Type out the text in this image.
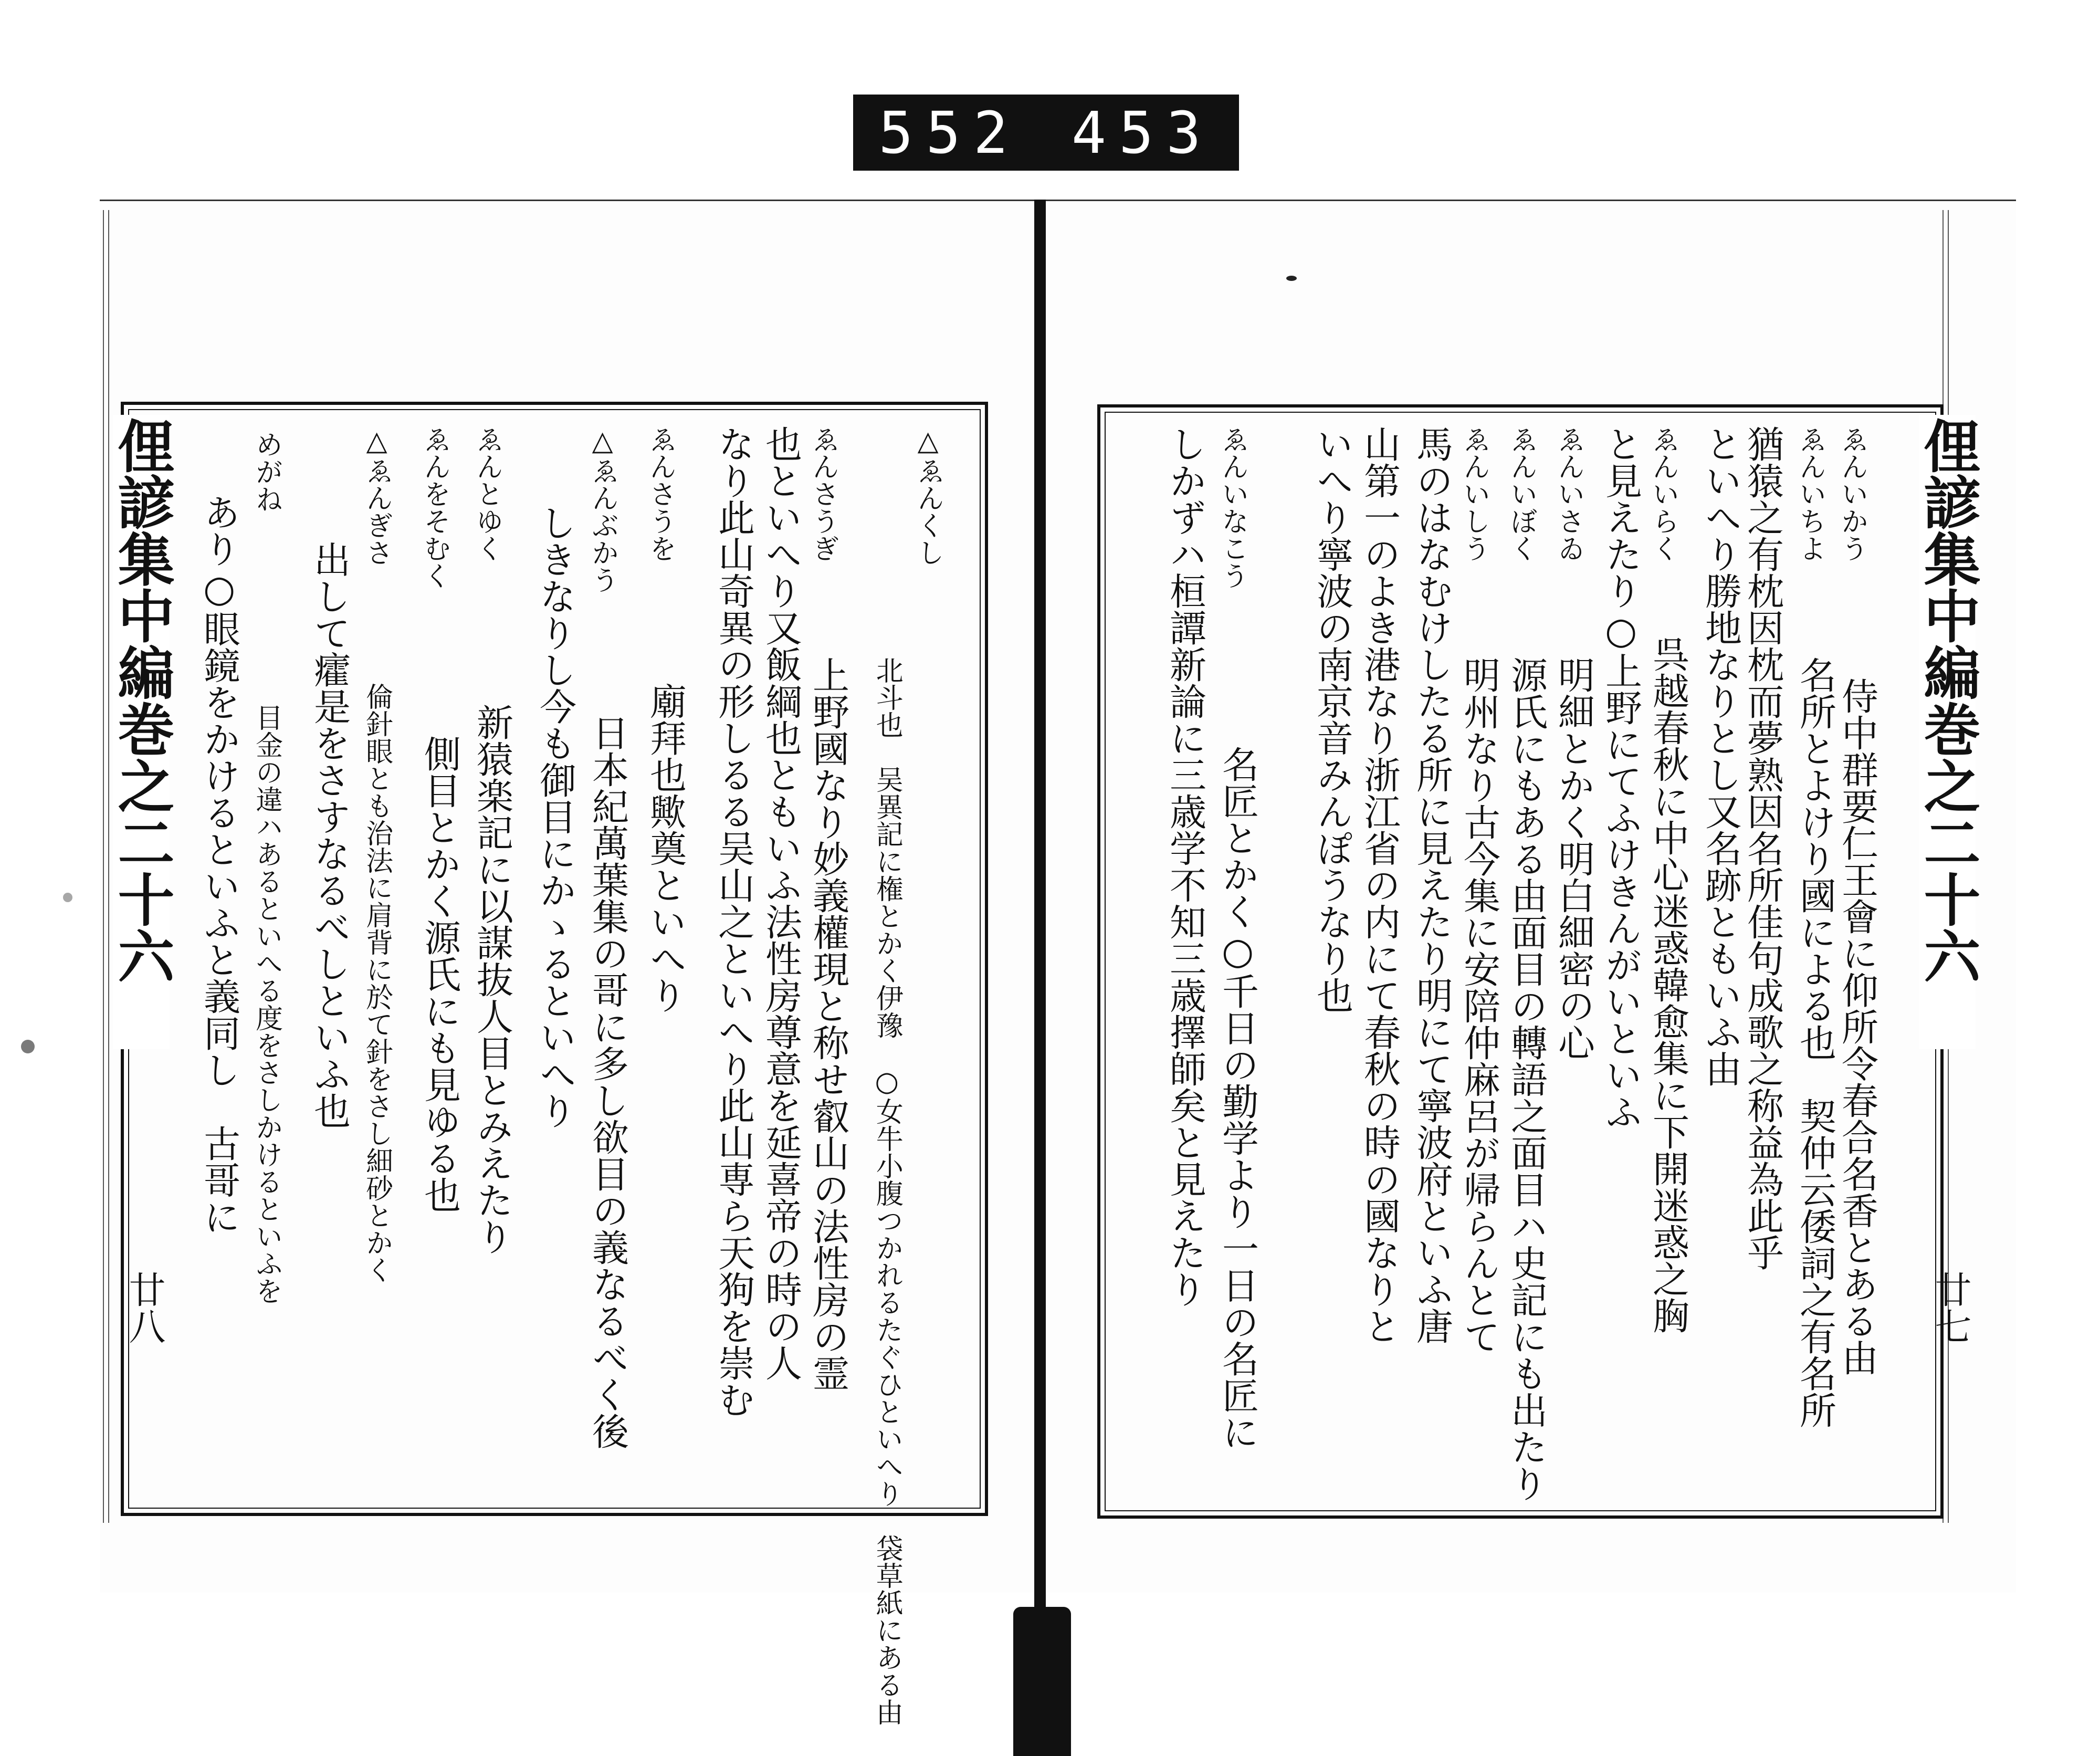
552 453
俚諺集中編巻之二十六	俚諺集中編巻之二十六
廿八	廿七
ゑんいかう
侍中群要仁王會に仰所令春合名香とある由
ゑんいちよ
名所とよけり國による也　契仲云倭詞之有名所
猶猿之有枕因枕而夢熟因名所佳句成歌之称益為此乎
といへり勝地なりとし又名跡ともいふ由
ゑんいらく
呉越春秋に中心迷惑韓愈集に下開迷惑之胸
と見えたり○上野にてふけきんがいといふ
ゑんいさゐ
明細とかく明白細密の心
ゑんいぼく
源氏にもある由面目の轉語之面目ハ史記にも出たり
ゑんいしう
明州なり古今集に安陪仲麻呂が帰らんとて
馬のはなむけしたる所に見えたり明にて寧波府といふ唐
山第一のよき港なり浙江省の内にて春秋の時の國なりと
いへり寧波の南京音みんぽうなり也
ゑんいなこう
名匠とかく○千日の勤学より一日の名匠に
しかずハ桓譚新論に三歳学不知三歳擇師矣と見えたり
△ゑんくし
北斗也　吴異記に権とかく伊豫　○女牛小腹つかれるたぐひといへり　袋草紙にある由
ゑんさうぎ
上野國なり妙義權現と称せ叡山の法性房の霊
也といへり又飯綱也ともいふ法性房尊意を延喜帝の時の人
なり此山奇異の形しるる吴山之といへり此山専ら天狗を崇む
ゑんさうを
廟拜也歟奠といへり
△ゑんぶかう
日本紀萬葉集の哥に多し欲目の義なるべく後
しきなりし今も御目にかゝるといへり
ゑんとゆく
新猿楽記に以謀抜人目とみえたり
ゑんをそむく
側目とかく源氏にも見ゆる也
△ゑんぎさ
倫針眼とも治法に肩背に於て針をさし細砂とかく
出して癨是をさすなるべしといふ也
めがね
目金の違ハあるといへる度をさしかけるといふを
あり○眼鏡をかけるといふと義同し　古哥に
